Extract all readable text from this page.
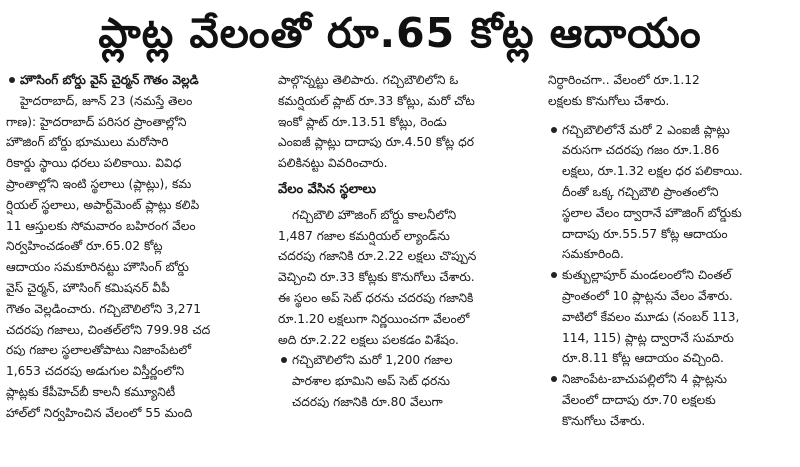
ప్లాట్ల వేలంతో రూ.65 కోట్ల ఆదాయం
హౌసింగ్ బోర్డు వైస్ చైర్మన్ గౌతం వెల్లడి
హైదరాబాద్, జూన్ 23 (నమస్తే తెలం
గాణ): హైదరాబాద్ పరిసర ప్రాంతాల్లోని
హౌజింగ్ బోర్డు భూములు మరోసారి
రికార్డు స్థాయి ధరలు పలికాయి. వివిధ
ప్రాంతాల్లోని ఇంటి స్థలాలు (ప్లాట్లు), కమ
ర్షియల్ స్థలాలు, అపార్ట్‌మెంట్ ప్లాట్లు కలిపి
11 ఆస్తులకు సోమవారం బహిరంగ వేలం
నిర్వహించడంతో రూ.65.02 కోట్ల
ఆదాయం సమకూరినట్టు హౌసింగ్ బోర్డు
వైస్ చైర్మన్, హౌసింగ్ కమిషనర్ వీపీ
గౌతం వెల్లడించారు. గచ్చిబౌలిలోని 3,271
చదరపు గజాలు, చింతల్‌లోని 799.98 చద
రపు గజాల స్థలాలతోపాటు నిజాంపేటలో
1,653 చదరపు అడుగుల విస్తీర్ణంలోని
ప్లాట్లకు కేపీహెచ్‌బీ కాలనీ కమ్యూనిటీ
హాల్‌లో నిర్వహించిన వేలంలో 55 మంది
పాల్గొన్నట్టు తెలిపారు. గచ్చిబౌలిలోని ఓ
కమర్షియల్ ప్లాట్ రూ.33 కోట్లు, మరో చోట
ఇంకో ప్లాట్ రూ.13.51 కోట్లు, రెండు
ఎంఐజీ ప్లాట్లు దాదాపు రూ.4.50 కోట్ల ధర
పలికినట్టు వివరించారు.
వేలం వేసిన స్థలాలు
గచ్చిబౌలి హౌజింగ్ బోర్డు కాలనీలోని
1,487 గజాల కమర్షియల్ ల్యాండ్‌ను
చదరపు గజానికి రూ.2.22 లక్షలు చొప్పున
వెచ్చించి రూ.33 కోట్లకు కొనుగోలు చేశారు.
ఈ స్థలం అప్ సెట్ ధరను చదరపు గజానికి
రూ.1.20 లక్షలుగా నిర్ణయించగా వేలంలో
అది రూ.2.22 లక్షలు పలకడం విశేషం.
గచ్చిబౌలిలోని మరో 1,200 గజాల
పారశాల భూమిని అప్ సెట్ ధరను
చదరపు గజానికి రూ.80 వేలుగా
నిర్ధారించగా.. వేలంలో రూ.1.12
లక్షలకు కొనుగోలు చేశారు.
గచ్చిబౌలిలోనే మరో 2 ఎంఐజీ ప్లాట్లు
వరుసగా చదరపు గజం రూ.1.86
లక్షలు, రూ.1.32 లక్షల ధర పలికాయి.
దీంతో ఒక్క గచ్చిబౌలి ప్రాంతంలోని
స్థలాల వేలం ద్వారానే హౌజింగ్ బోర్డుకు
దాదాపు రూ.55.57 కోట్ల ఆదాయం
సమకూరింది.
కుత్బుల్లాపూర్ మండలంలోని చింతల్
ప్రాంతంలో 10 ప్లాట్లను వేలం వేశారు.
వాటిలో కేవలం మూడు (నంబర్ 113,
114, 115) ప్లాట్ల ద్వారానే సుమారు
రూ.8.11 కోట్ల ఆదాయం వచ్చింది.
నిజాంపేట-బాచుపల్లిలోని 4 ప్లాట్లను
వేలంలో దాదాపు రూ.70 లక్షలకు
కొనుగోలు చేశారు.
